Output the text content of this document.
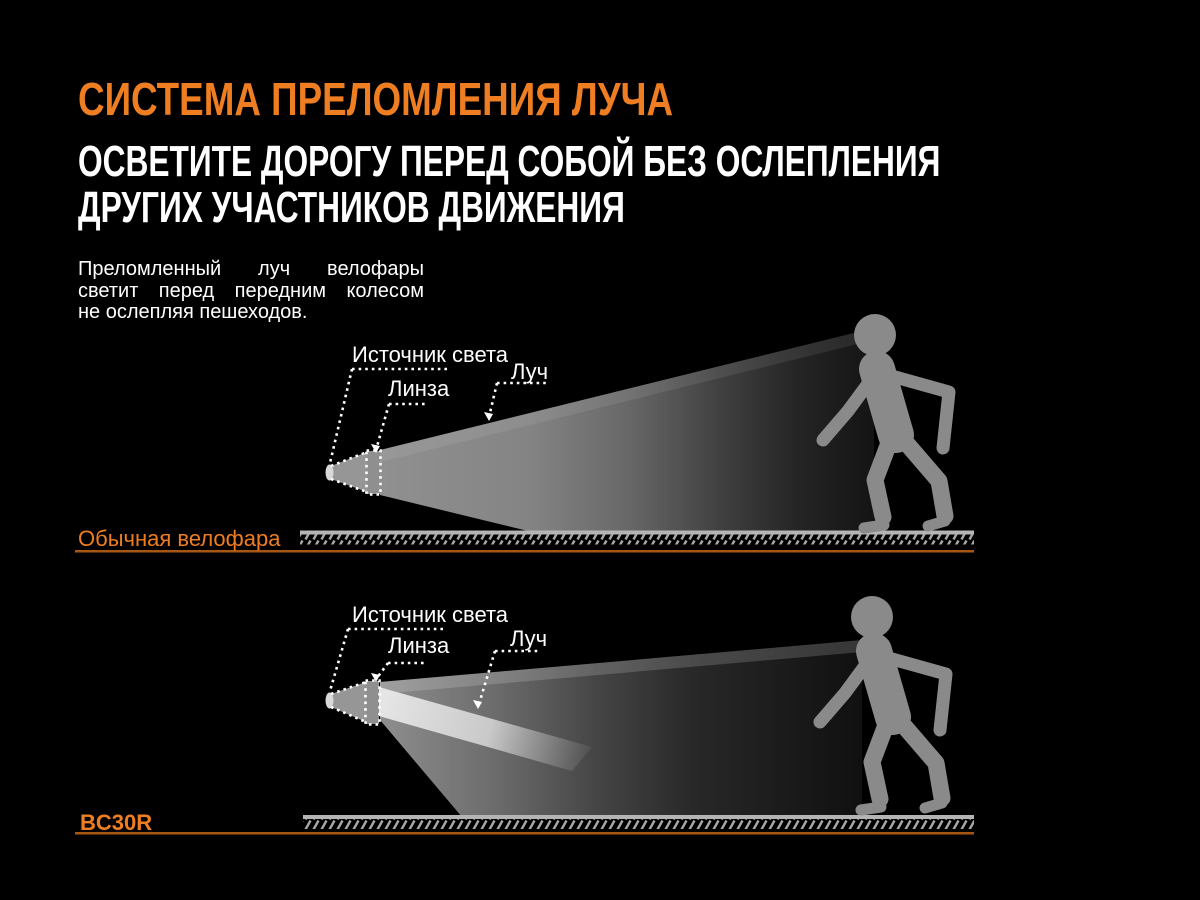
СИСТЕМА ПРЕЛОМЛЕНИЯ ЛУЧА
ОСВЕТИТЕ ДОРОГУ ПЕРЕД СОБОЙ БЕЗ ОСЛЕПЛЕНИЯ
ДРУГИХ УЧАСТНИКОВ ДВИЖЕНИЯ
Преломленный луч велофары
светит перед передним колесом
не ослепляя пешеходов.
Источник света
Линза
Луч
Обычная велофара
Источник света
Линза	Луч
BC30R
